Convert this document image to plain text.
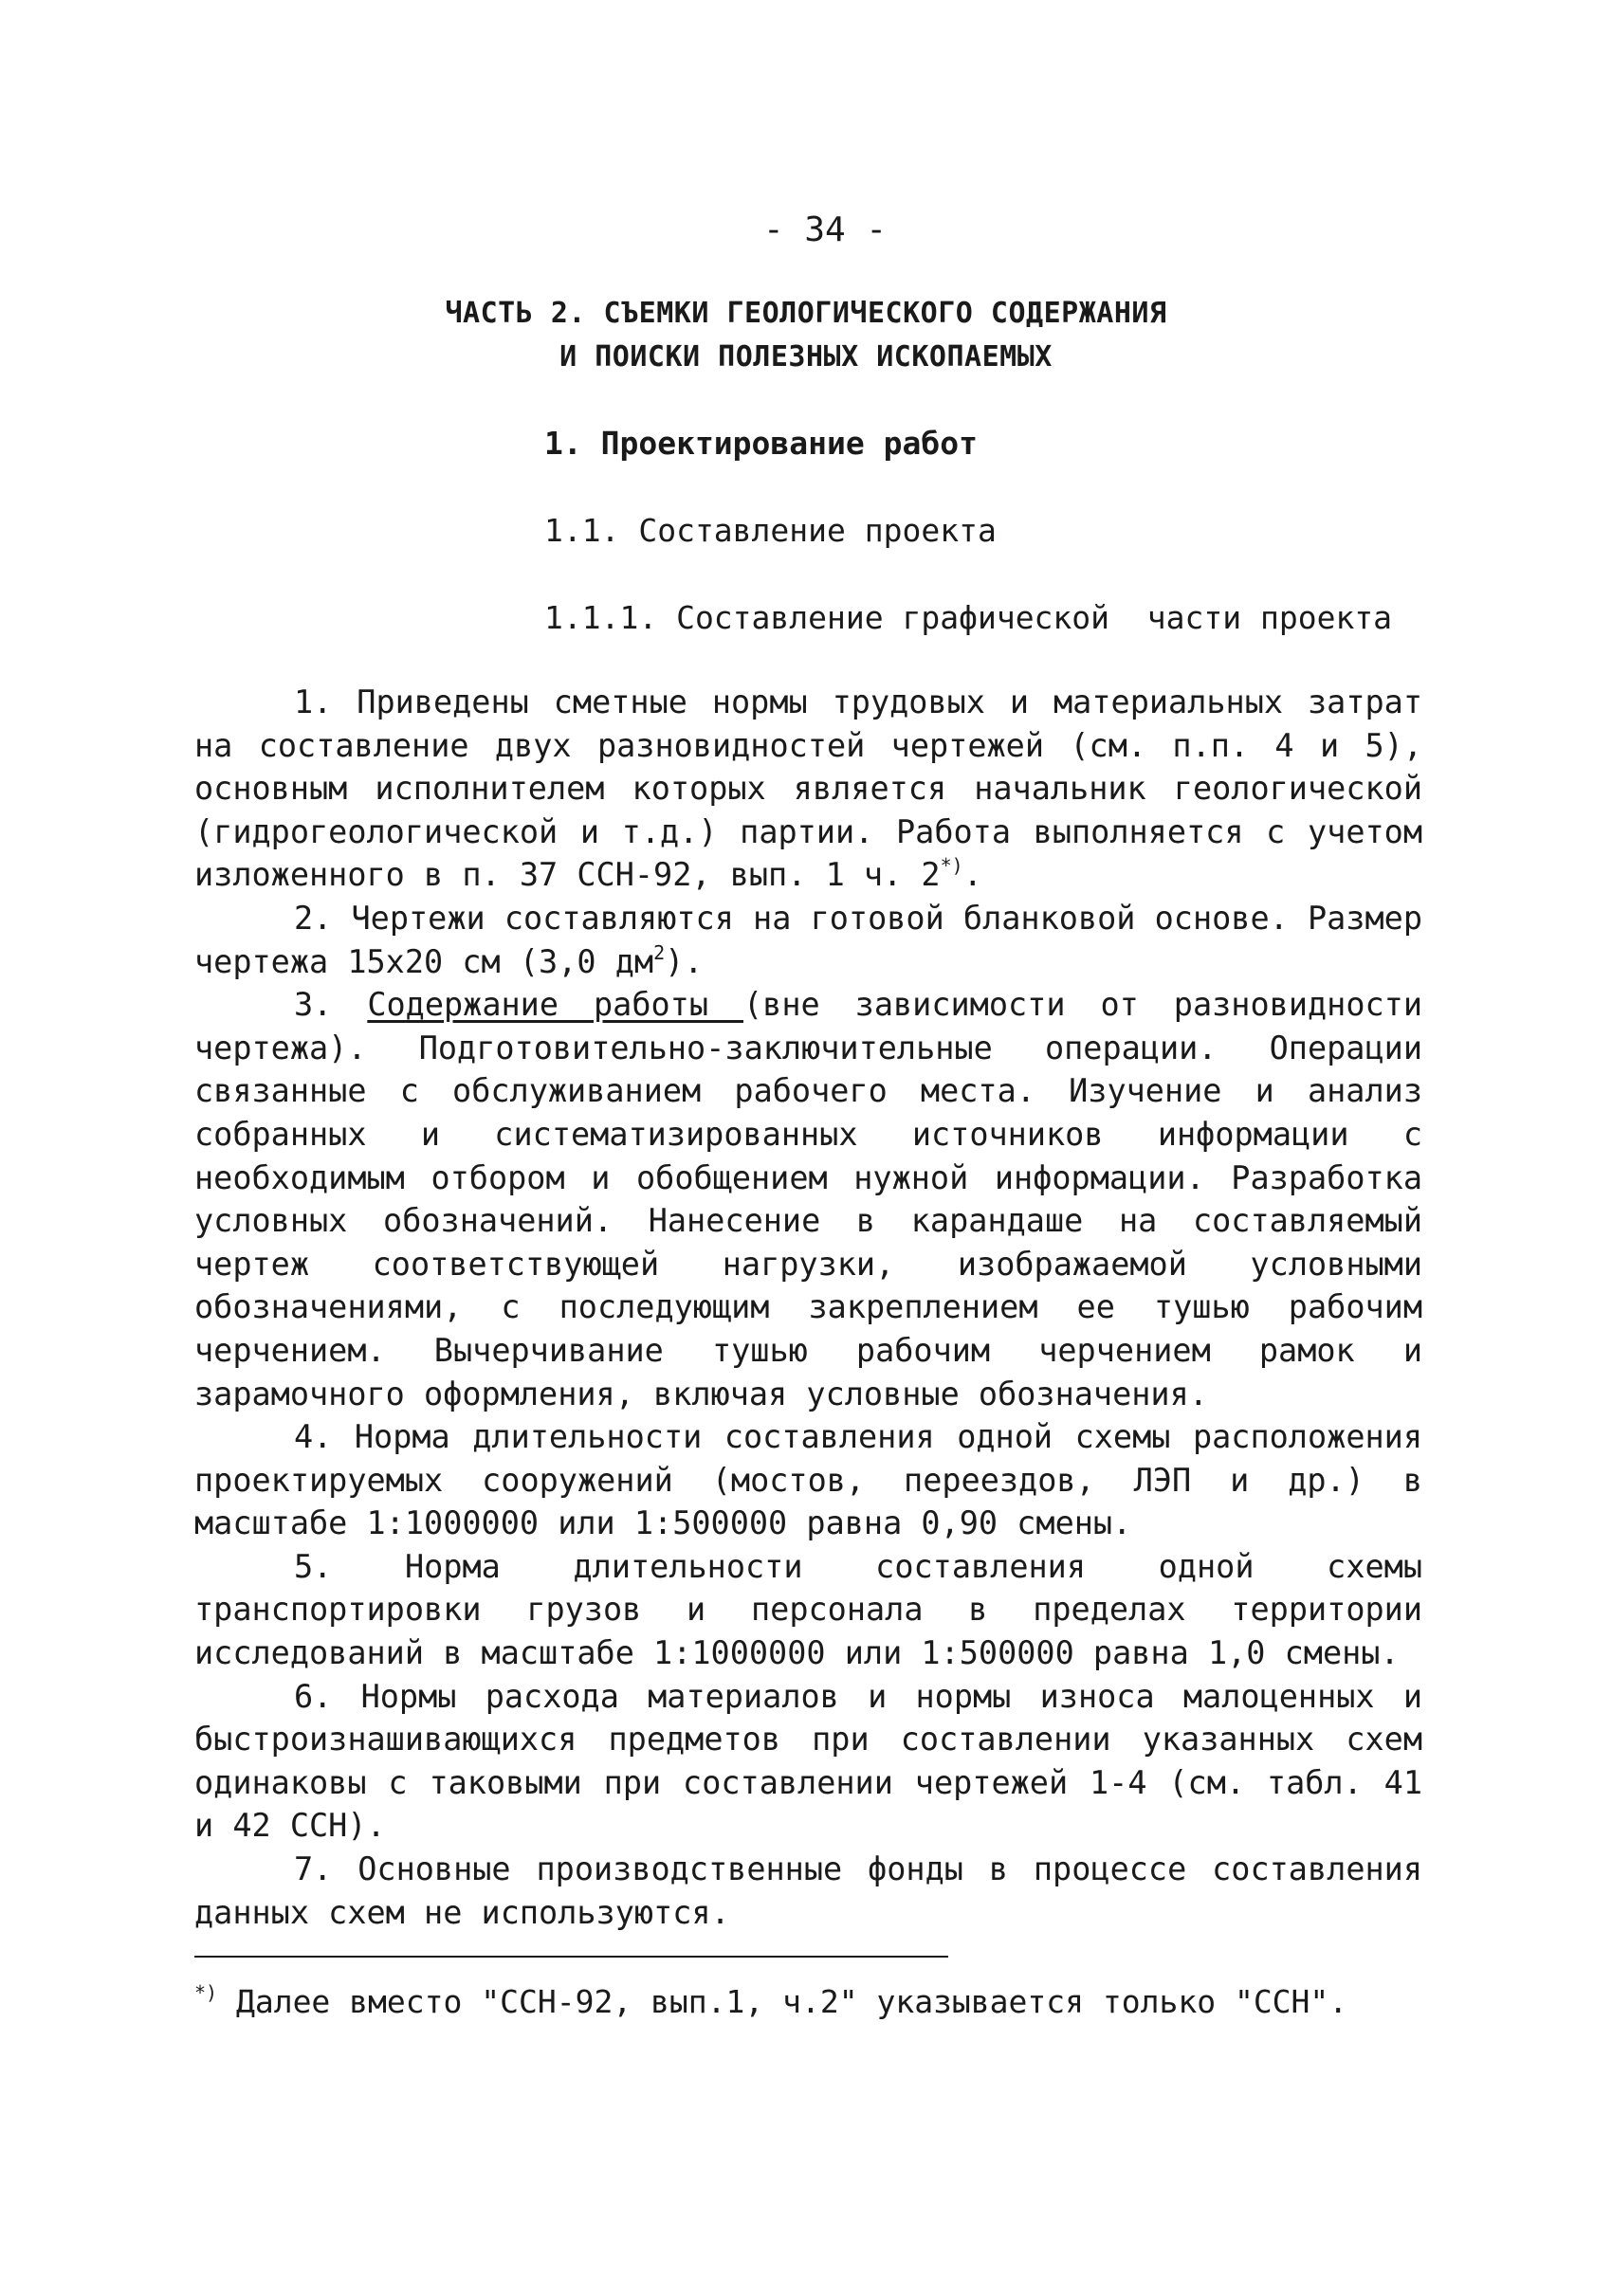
- 34 -
ЧАСТЬ 2. СЪЕМКИ ГЕОЛОГИЧЕСКОГО СОДЕРЖАНИЯ
И ПОИСКИ ПОЛЕЗНЫХ ИСКОПАЕМЫХ
1. Проектирование работ
1.1. Составление проекта
1.1.1. Составление графической  части проекта

1. Приведены сметные нормы трудовых и материальных затрат на составление двух разновидностей чертежей (см. п.п. 4 и 5), основным исполнителем которых является начальник геологической (гидрогеологической и т.д.) партии. Работа выполняется с учетом изложенного в п. 37 ССН-92, вып. 1 ч. 2*).

2. Чертежи составляются на готовой бланковой основе. Размер чертежа 15х20 см (3,0 $дм^2$).

3. Содержание работы (вне зависимости от разновидности чертежа). Подготовительно-заключительные операции. Операции связанные с обслуживанием рабочего места. Изучение и анализ собранных и систематизированных источников информации с необходимым отбором и обобщением нужной информации. Разработка условных обозначений. Нанесение в карандаше на составляемый чертеж соответствующей нагрузки, изображаемой условными обозначениями, с последующим закреплением ее тушью рабочим черчением. Вычерчивание тушью рабочим черчением рамок и зарамочного оформления, включая условные обозначения.

4. Норма длительности составления одной схемы расположения проектируемых сооружений (мостов, переездов, ЛЭП и др.) в масштабе 1:1000000 или 1:500000 равна 0,90 смены.

5. Норма длительности составления одной схемы транспортировки грузов и персонала в пределах территории исследований в масштабе 1:1000000 или 1:500000 равна 1,0 смены.

6. Нормы расхода материалов и нормы износа малоценных и быстроизнашивающихся предметов при составлении указанных схем одинаковы с таковыми при составлении чертежей 1-4 (см. табл. 41 и 42 ССН).

7. Основные производственные фонды в процессе составления данных схем не используются.

*) Далее вместо "ССН-92, вып.1, ч.2" указывается только "ССН".
